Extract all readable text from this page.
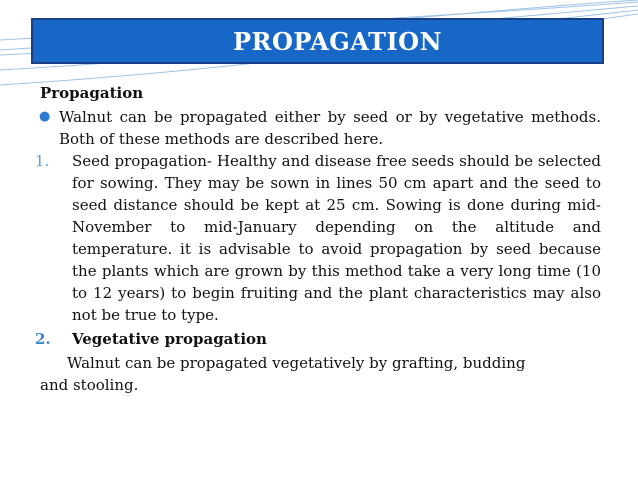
PROPAGATION
Propagation
● Walnut can be propagated either by seed or by vegetative methods. Both of these methods are described here.
1.	Seed propagation- Healthy and disease free seeds should be selected for sowing. They may be sown in lines 50 cm apart and the seed to seed distance should be kept at 25 cm. Sowing is done during mid-November to mid-January depending on the altitude and temperature. it is advisable to avoid propagation by seed because the plants which are grown by this method take a very long time (10 to 12 years) to begin fruiting and the plant characteristics may also not be true to type.
2.	Vegetative propagation
Walnut can be propagated vegetatively by grafting, budding
and stooling.
